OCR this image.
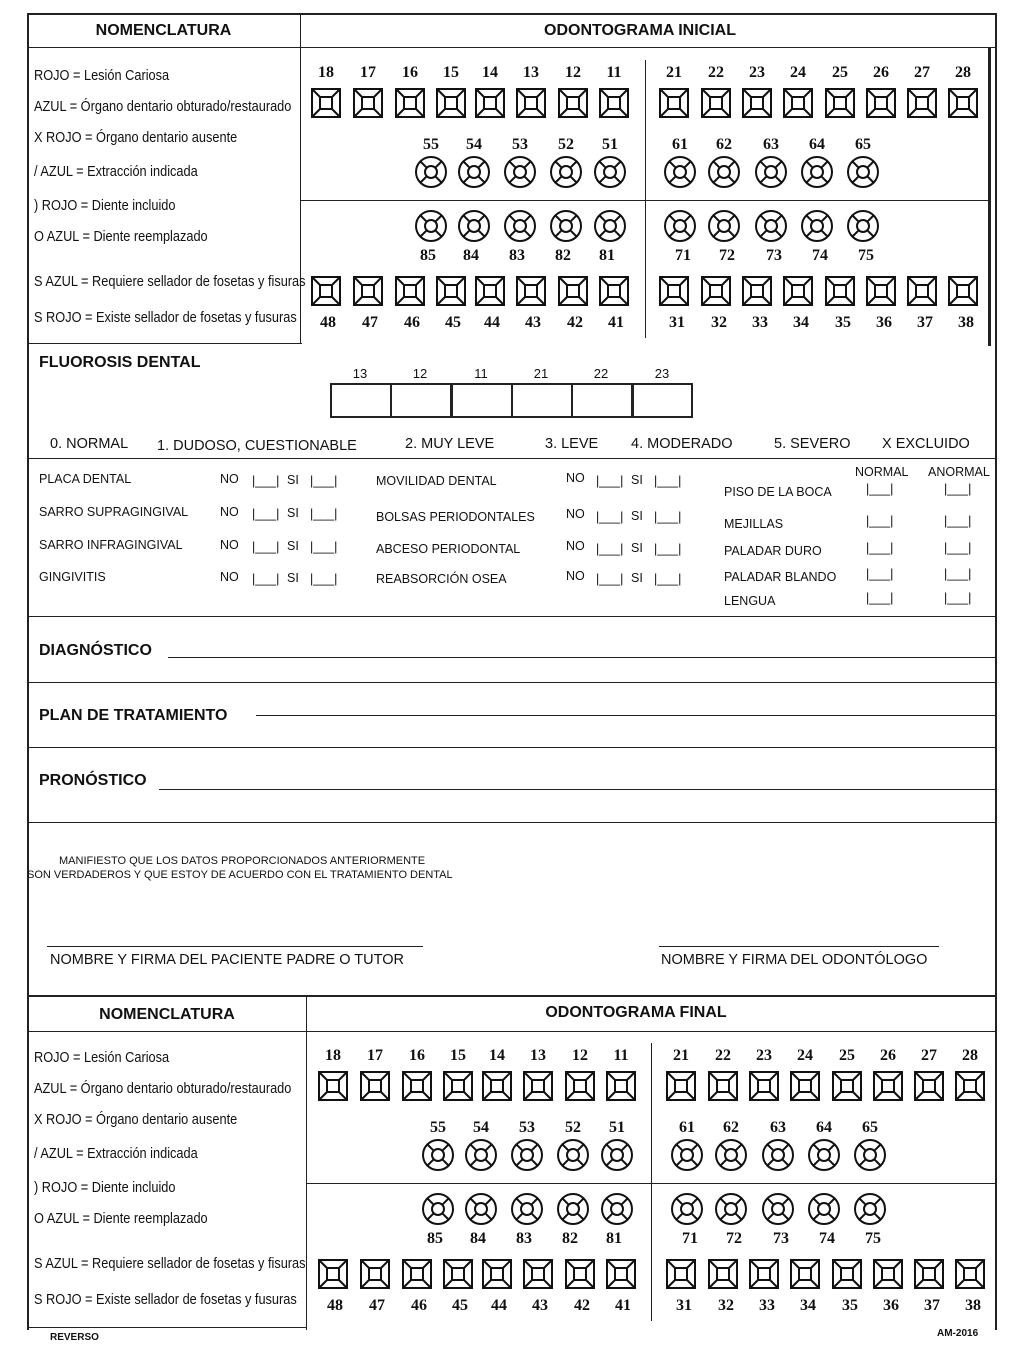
NOMENCLATURA	ODONTOGRAMA INICIAL
ROJO = Lesión Cariosa
AZUL = Órgano dentario obturado/restaurado
X ROJO = Órgano dentario ausente
/ AZUL = Extracción indicada
) ROJO = Diente incluido
O AZUL = Diente reemplazado
S AZUL = Requiere sellador de fosetas y fisuras
S ROJO = Existe sellador de fosetas y fusuras
18	17	16	15	14	13	12	11	21	22	23	24	25	26	27	28
55	54	53	52	51	61	62	63	64	65
85	84	83	82	81	71	72	73	74	75
48	47	46	45	44	43	42	41	31	32	33	34	35	36	37	38
FLUOROSIS DENTAL
13	12	11	21	22	23
0. NORMAL 1. DUDOSO, CUESTIONABLE	2. MUY LEVE	3. LEVE 4. MODERADO	5. SEVERO X EXCLUIDO
PLACA DENTAL	NO |___| SI |___|
SARRO SUPRAGINGIVAL	NO |___| SI |___|
SARRO INFRAGINGIVAL	NO |___| SI |___|
GINGIVITIS	NO |___| SI |___|
MOVILIDAD DENTAL	NO |___| SI |___|
BOLSAS PERIODONTALES NO |___| SI |___|
ABCESO PERIODONTAL	NO |___| SI |___|
REABSORCIÓN OSEA	NO |___| SI |___|
NORMAL ANORMAL
PISO DE LA BOCA	|___|	|___|
MEJILLAS	|___|	|___|
PALADAR DURO	|___|	|___|
PALADAR BLANDO |___|	|___|
LENGUA	|___|	|___|
DIAGNÓSTICO
PLAN DE TRATAMIENTO
PRONÓSTICO
MANIFIESTO QUE LOS DATOS PROPORCIONADOS ANTERIORMENTE
SON VERDADEROS Y QUE ESTOY DE ACUERDO CON EL TRATAMIENTO DENTAL
NOMBRE Y FIRMA DEL PACIENTE PADRE O TUTOR	NOMBRE Y FIRMA DEL ODONTÓLOGO
NOMENCLATURA	ODONTOGRAMA FINAL
ROJO = Lesión Cariosa
AZUL = Órgano dentario obturado/restaurado
X ROJO = Órgano dentario ausente
/ AZUL = Extracción indicada
) ROJO = Diente incluido
O AZUL = Diente reemplazado
S AZUL = Requiere sellador de fosetas y fisuras
S ROJO = Existe sellador de fosetas y fusuras
18	17	16	15	14	13	12	11	21	22	23	24	25	26	27	28
55	54	53	52	51	61	62	63	64	65
85	84	83	82	81	71	72	73	74	75
48	47	46	45	44	43	42	41	31	32	33	34	35	36	37	38
REVERSO	AM-2016
